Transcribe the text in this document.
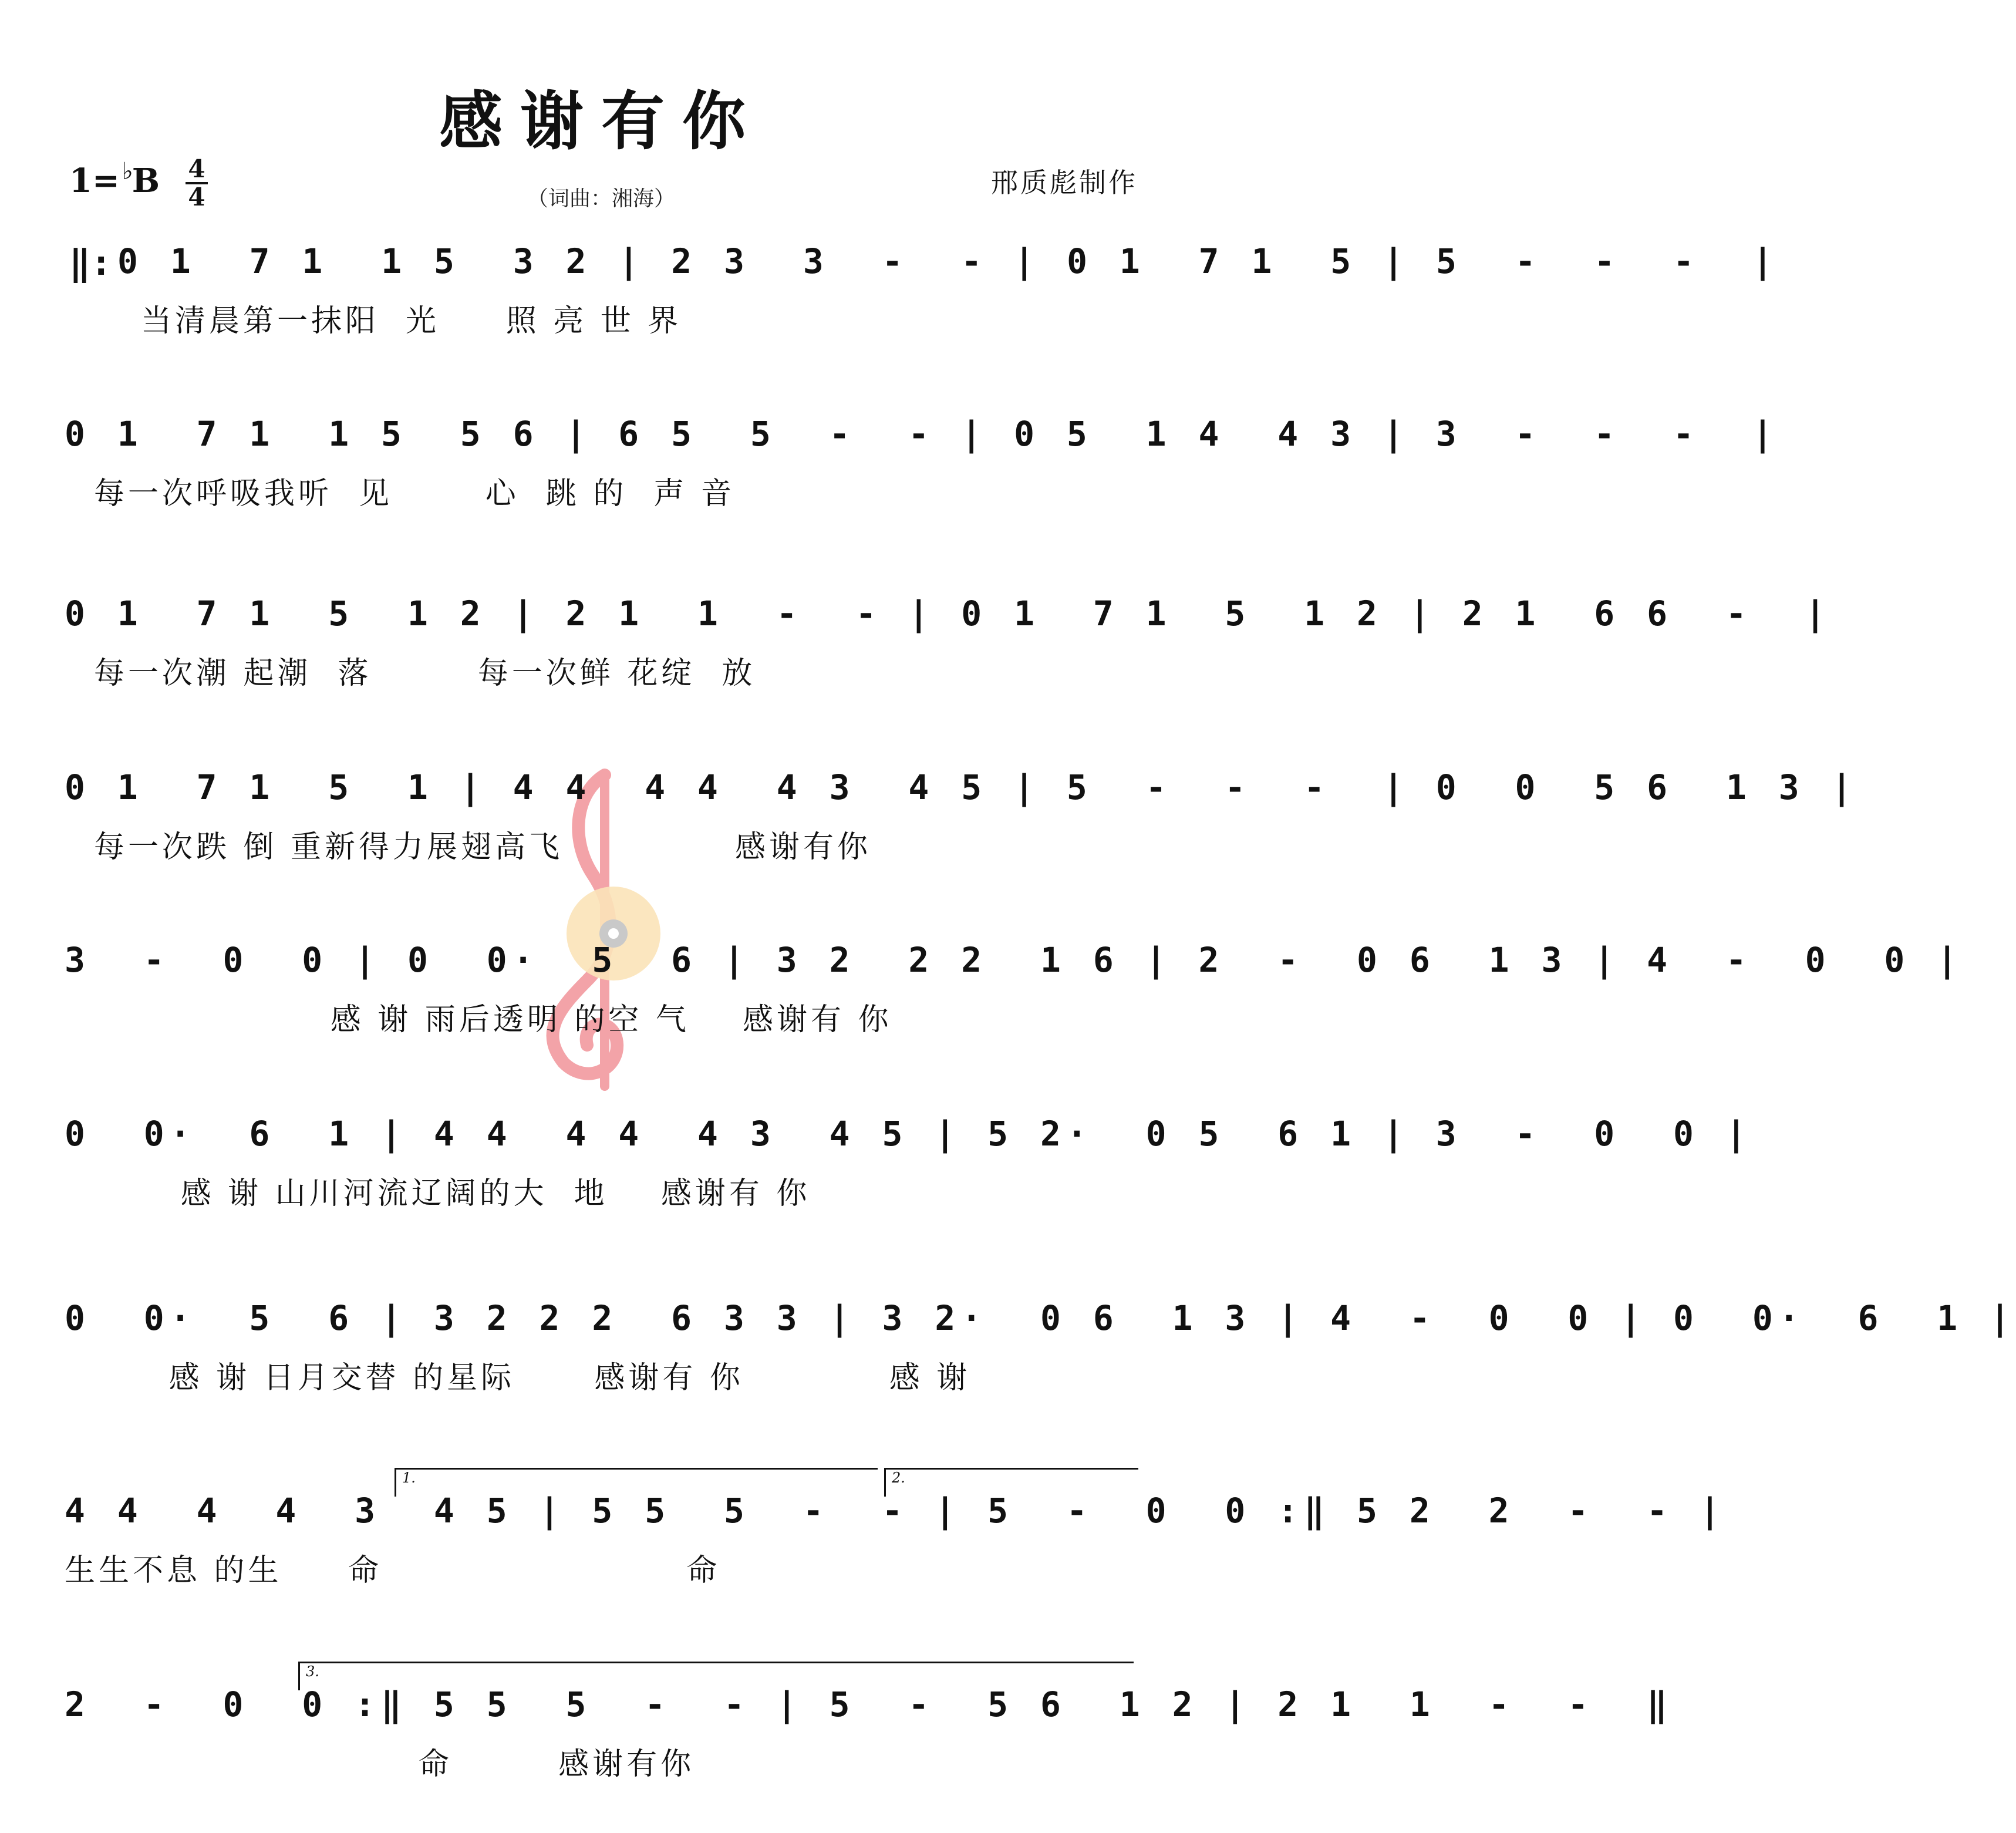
感谢有你
1= ♭B 4
4	（词曲：湘海）
邢质彪制作
‖: 0 1  7 1  1 5  3 2 | 2 3  3  -  - | 0 1  7 1  5 | 5  -  -  -  |
当清晨第一抹阳  光     照 亮 世 界
0 1  7 1  1 5  5 6 | 6 5  5  -  - | 0 5  1 4  4 3 | 3  -  -  -  |
每一次呼吸我听  见       心  跳 的  声 音
0 1  7 1  5  1 2 | 2 1  1  -  - | 0 1  7 1  5  1 2 | 2 1  6 6  -  |
每一次潮 起潮  落        每一次鲜 花绽  放
0 1  7 1  5  1 | 4 4  4 4  4 3  4 5 | 5  -  -  -  | 0  0  5 6  1 3 |
每一次跌 倒 重新得力展翅高飞             感谢有你
3  -  0  0 | 0  0·  5  6 | 3 2  2 2  1 6 | 2  -  0 6  1 3 | 4  -  0  0 |
感 谢 雨后透明 的空 气    感谢有 你
0  0·  6  1 | 4 4  4 4  4 3  4 5 | 5 2·  0 5  6 1 | 3  -  0  0 |
感 谢 山川河流辽阔的大  地    感谢有 你
0  0·  5  6 | 3 2 2 2  6 3 3 | 3 2·  0 6  1 3 | 4  -  0  0 | 0  0·  6  1 |
感 谢 日月交替 的星际      感谢有 你           感 谢
1.	2.
4 4  4  4  3  4 5 | 5 5  5  -  - | 5  -  0  0 :‖ 5 2  2  -  - |
生生不息 的生     命                       命
3.
2  -  0  0 :‖ 5 5  5  -  - | 5  -  5 6  1 2 | 2 1  1  -  -  ‖
命        感谢有你
